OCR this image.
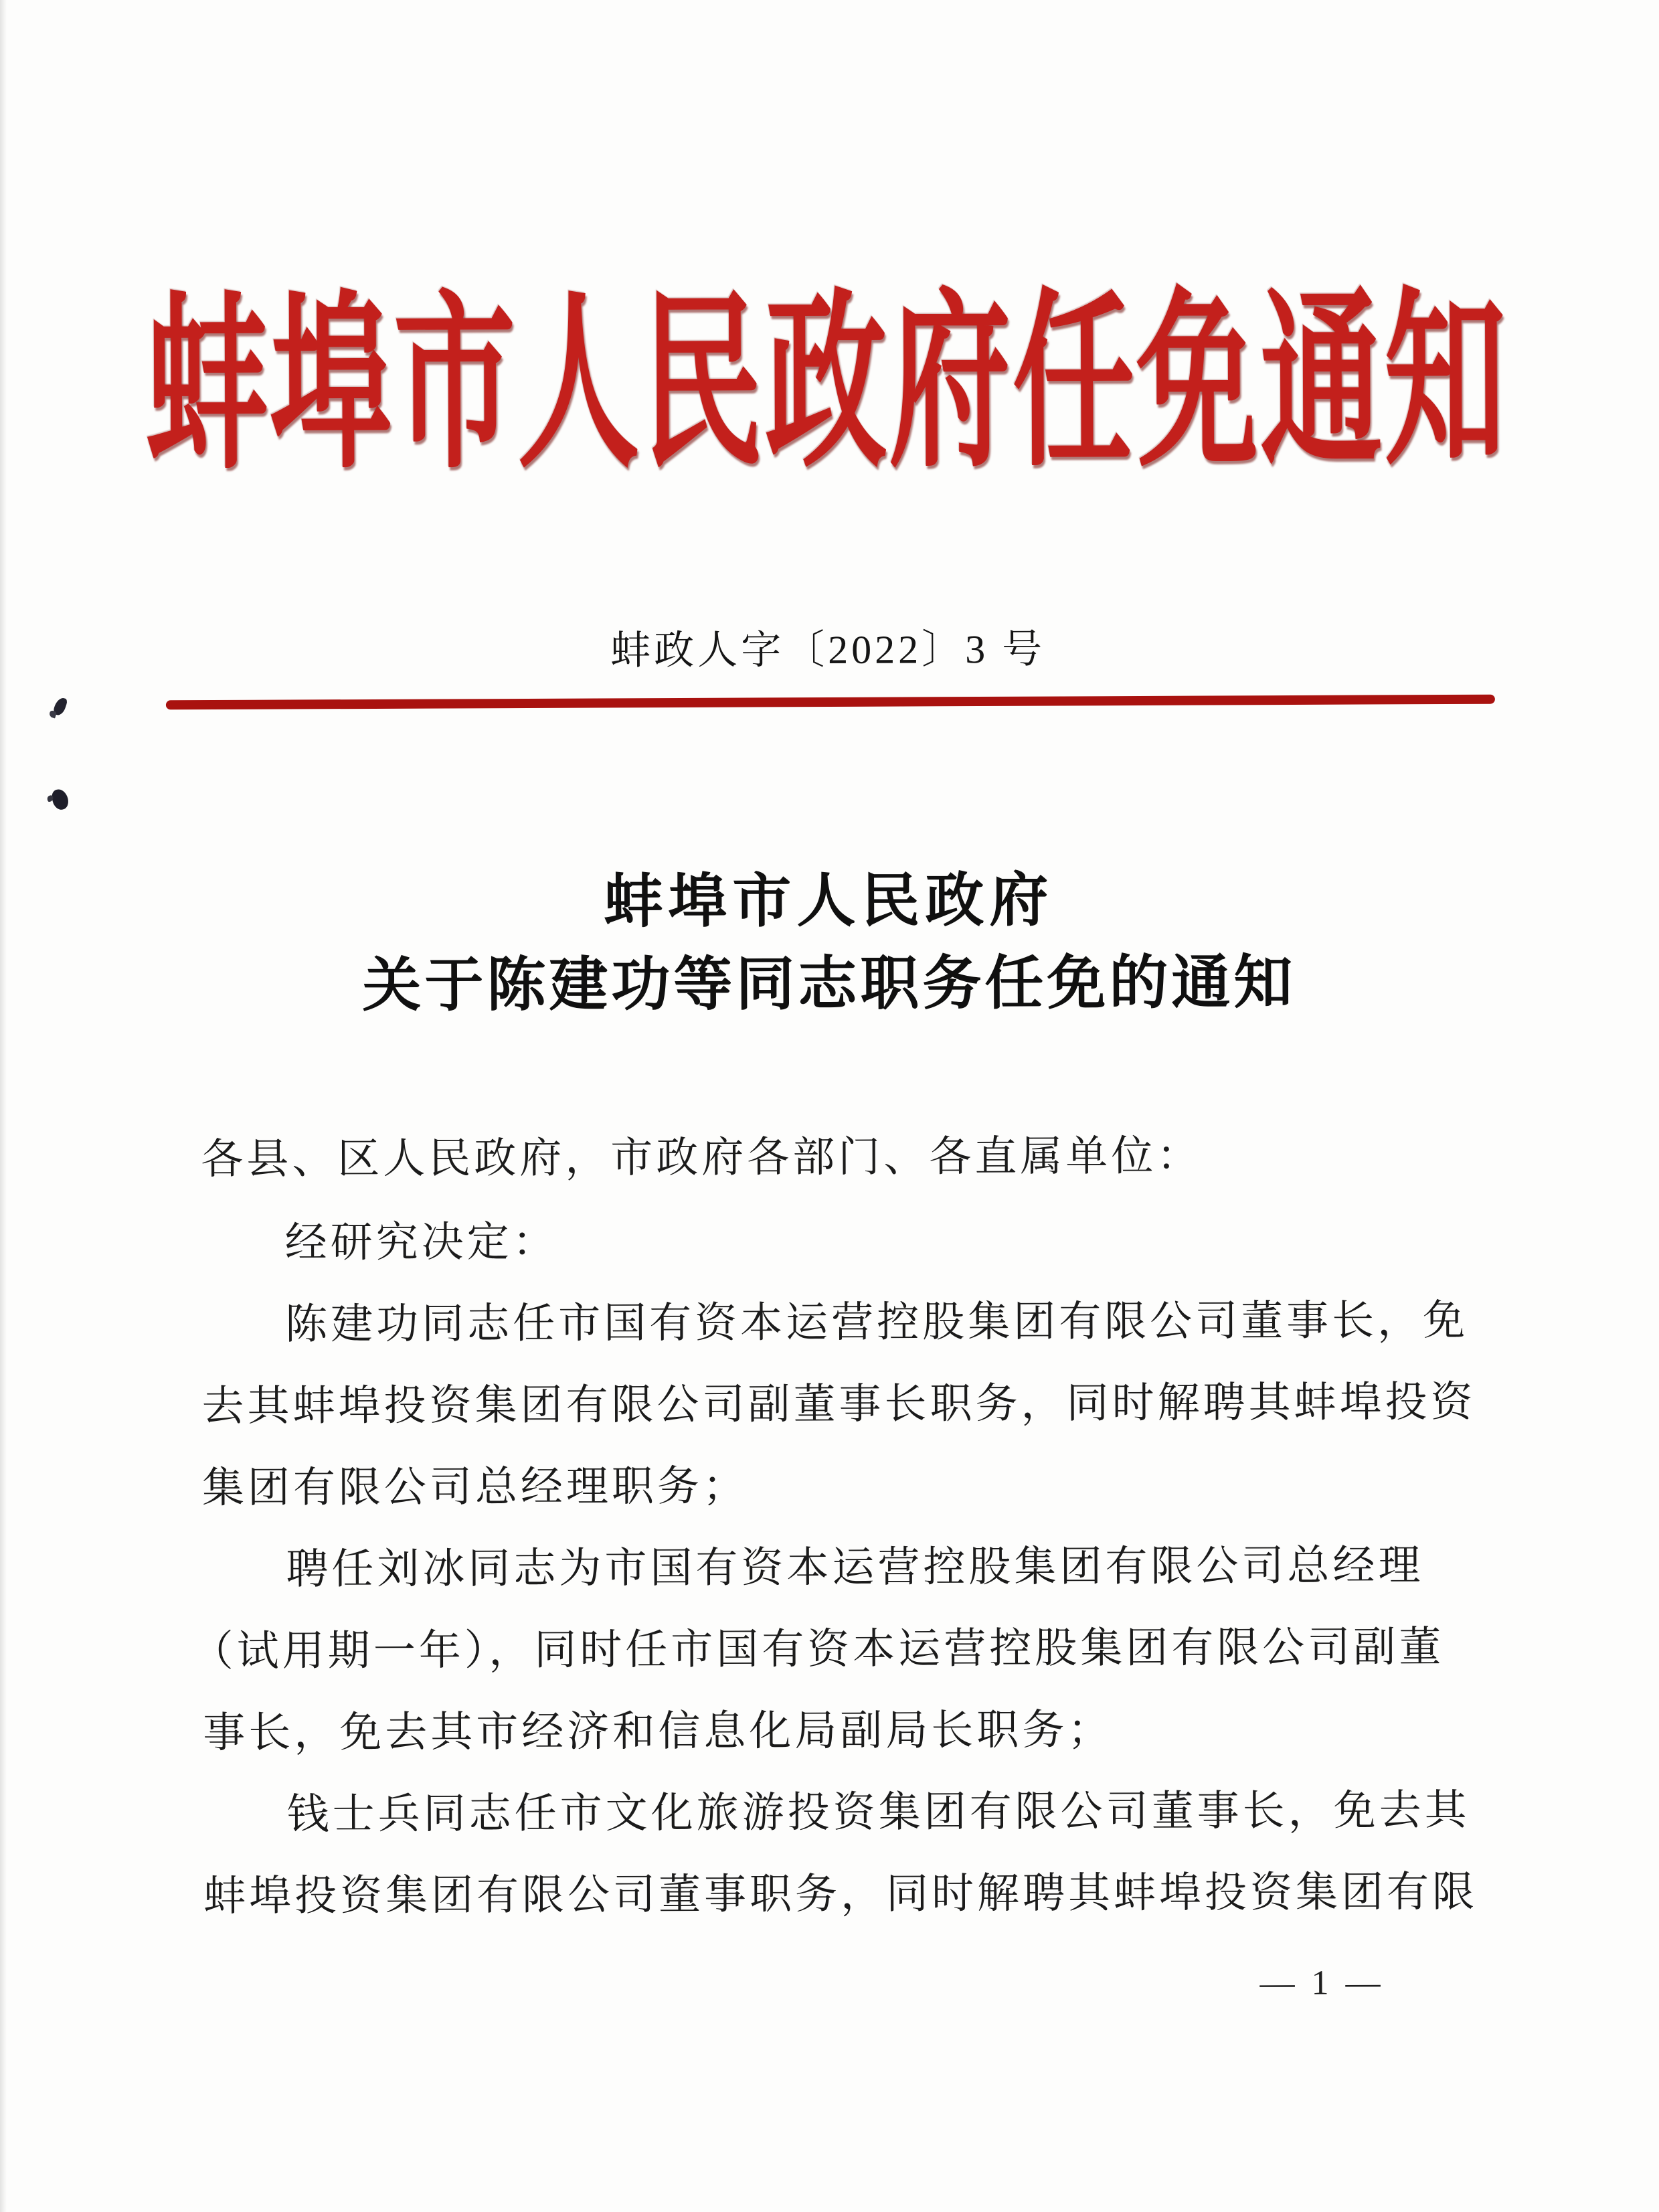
蚌埠市人民政府任免通知
蚌政人字〔2022〕3 号
蚌埠市人民政府
关于陈建功等同志职务任免的通知
各县、区人民政府，市政府各部门、各直属单位：
经研究决定：
陈建功同志任市国有资本运营控股集团有限公司董事长，免
去其蚌埠投资集团有限公司副董事长职务，同时解聘其蚌埠投资
集团有限公司总经理职务；
聘任刘冰同志为市国有资本运营控股集团有限公司总经理
（试用期一年），同时任市国有资本运营控股集团有限公司副董
事长，免去其市经济和信息化局副局长职务；
钱士兵同志任市文化旅游投资集团有限公司董事长，免去其
蚌埠投资集团有限公司董事职务，同时解聘其蚌埠投资集团有限
— 1 —
